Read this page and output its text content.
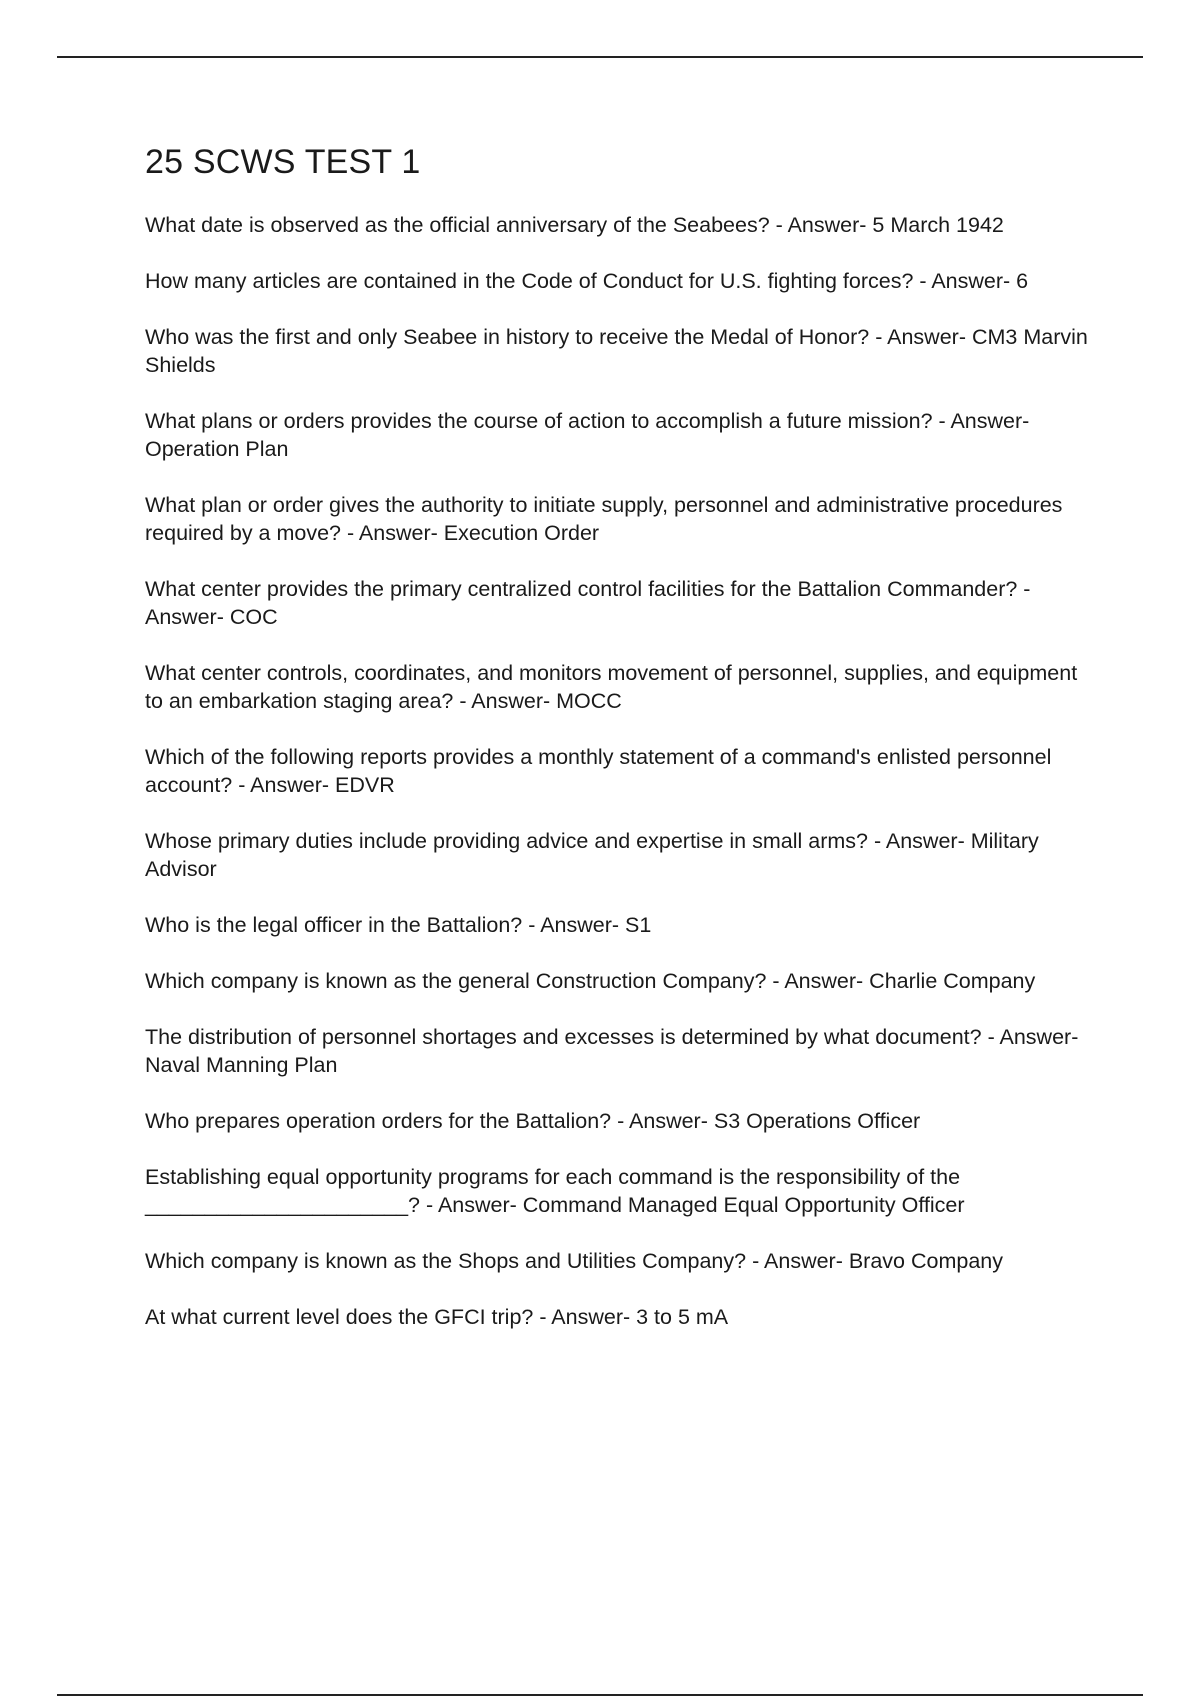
25 SCWS TEST 1
What date is observed as the official anniversary of the Seabees? - Answer- 5 March 1942
How many articles are contained in the Code of Conduct for U.S. fighting forces? - Answer- 6
Who was the first and only Seabee in history to receive the Medal of Honor? - Answer- CM3 Marvin Shields
What plans or orders provides the course of action to accomplish a future mission? - Answer- Operation Plan
What plan or order gives the authority to initiate supply, personnel and administrative procedures required by a move? - Answer- Execution Order
What center provides the primary centralized control facilities for the Battalion Commander? - Answer- COC
What center controls, coordinates, and monitors movement of personnel, supplies, and equipment to an embarkation staging area? - Answer- MOCC
Which of the following reports provides a monthly statement of a command's enlisted personnel account? - Answer- EDVR
Whose primary duties include providing advice and expertise in small arms? - Answer- Military Advisor
Who is the legal officer in the Battalion? - Answer- S1
Which company is known as the general Construction Company? - Answer- Charlie Company
The distribution of personnel shortages and excesses is determined by what document? - Answer- Naval Manning Plan
Who prepares operation orders for the Battalion? - Answer- S3 Operations Officer
Establishing equal opportunity programs for each command is the responsibility of the ______________________? - Answer- Command Managed Equal Opportunity Officer
Which company is known as the Shops and Utilities Company? - Answer- Bravo Company
At what current level does the GFCI trip? - Answer- 3 to 5 mA
